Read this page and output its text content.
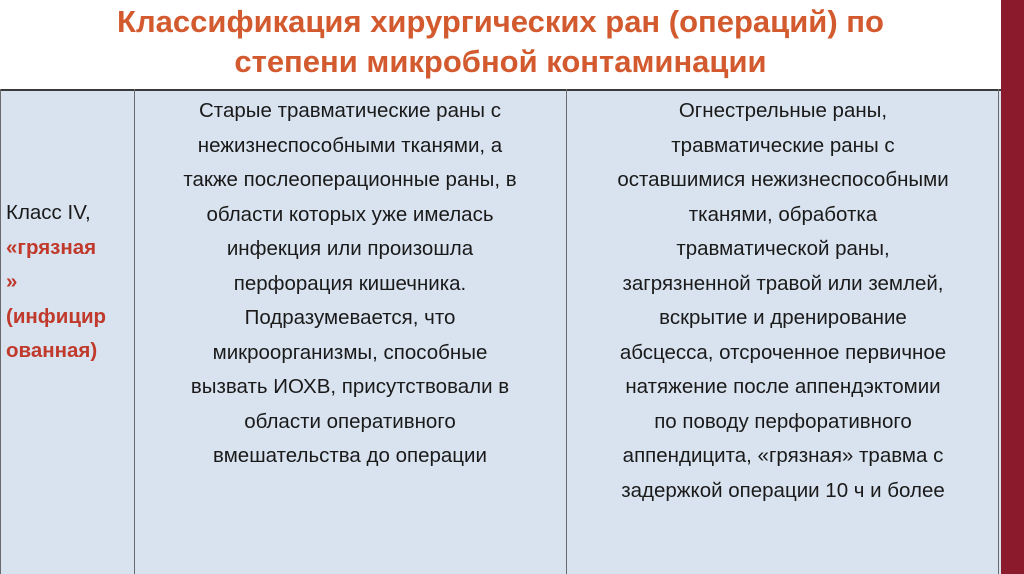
Классификация хирургических ран (операций) по
степени микробной контаминации
Класс IV,
«грязная
»
(инфицир
ованная)
Старые травматические раны с
нежизнеспособными тканями, а
также послеоперационные раны, в
области которых уже имелась
инфекция или произошла
перфорация кишечника.
Подразумевается, что
микроорганизмы, способные
вызвать ИОХВ, присутствовали в
области оперативного
вмешательства до операции
Огнестрельные раны,
травматические раны с
оставшимися нежизнеспособными
тканями, обработка
травматической раны,
загрязненной травой или землей,
вскрытие и дренирование
абсцесса, отсроченное первичное
натяжение после аппендэктомии
по поводу перфоративного
аппендицита, «грязная» травма с
задержкой операции 10 ч и более
